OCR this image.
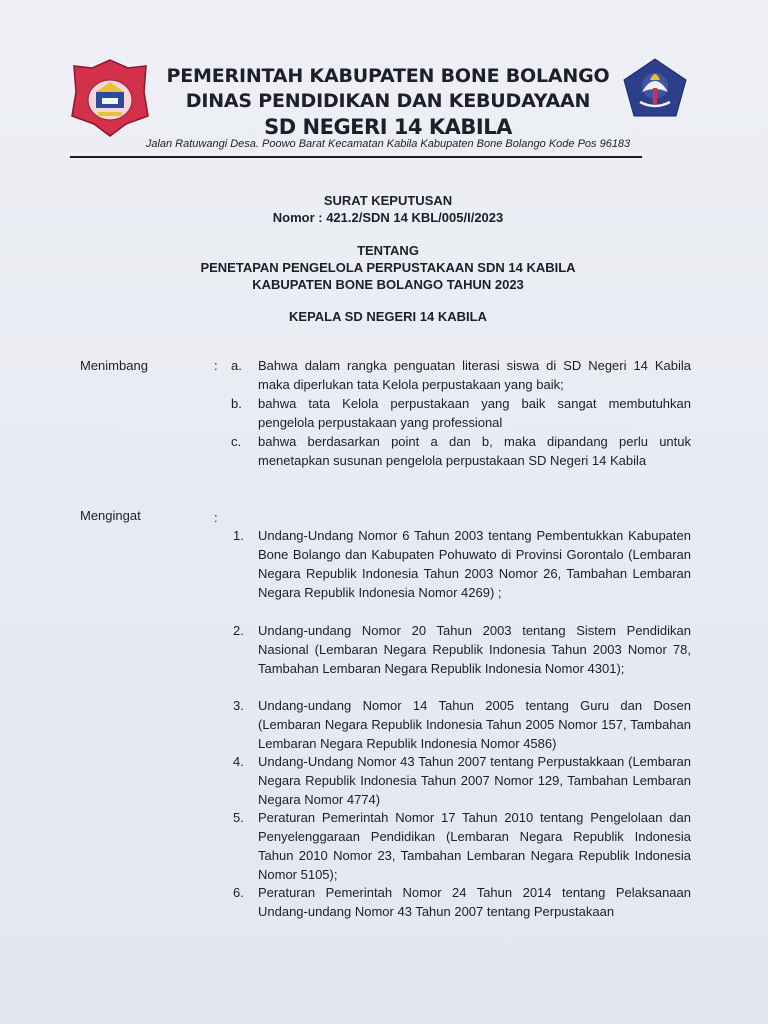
PEMERINTAH KABUPATEN BONE BOLANGO
DINAS PENDIDIKAN DAN KEBUDAYAAN
SD NEGERI 14 KABILA
Jalan Ratuwangi Desa. Poowo Barat Kecamatan Kabila Kabupaten Bone Bolango Kode Pos 96183
SURAT KEPUTUSAN
Nomor : 421.2/SDN 14 KBL/005/I/2023
TENTANG
PENETAPAN PENGELOLA PERPUSTAKAAN SDN 14 KABILA
KABUPATEN BONE BOLANGO TAHUN 2023
KEPALA SD NEGERI 14 KABILA
Menimbang	: a.	Bahwa dalam rangka penguatan literasi siswa di SD Negeri 14 Kabila maka diperlukan tata Kelola perpustakaan yang baik;
b.	bahwa tata Kelola perpustakaan yang baik sangat membutuhkan pengelola perpustakaan yang professional
c.	bahwa berdasarkan point a dan b, maka dipandang perlu untuk menetapkan susunan pengelola perpustakaan SD Negeri 14 Kabila
Mengingat	:
1.	Undang-Undang Nomor 6 Tahun 2003 tentang Pembentukkan Kabupaten Bone Bolango dan Kabupaten Pohuwato di Provinsi Gorontalo (Lembaran Negara Republik Indonesia Tahun 2003 Nomor 26, Tambahan Lembaran Negara Republik Indonesia Nomor 4269) ;
2.	Undang-undang Nomor 20 Tahun 2003 tentang Sistem Pendidikan Nasional (Lembaran Negara Republik Indonesia Tahun 2003 Nomor 78, Tambahan Lembaran Negara Republik Indonesia Nomor 4301);
3.	Undang-undang Nomor 14 Tahun 2005 tentang Guru dan Dosen (Lembaran Negara Republik Indonesia Tahun 2005 Nomor 157, Tambahan Lembaran Negara Republik Indonesia Nomor 4586)
4.	Undang-Undang Nomor 43 Tahun 2007 tentang Perpustakkaan (Lembaran Negara Republik Indonesia Tahun 2007 Nomor 129, Tambahan Lembaran Negara Nomor 4774)
5.	Peraturan Pemerintah Nomor 17 Tahun 2010 tentang Pengelolaan dan Penyelenggaraan Pendidikan (Lembaran Negara Republik Indonesia Tahun 2010 Nomor 23, Tambahan Lembaran Negara Republik Indonesia Nomor 5105);
6.	Peraturan Pemerintah Nomor 24 Tahun 2014 tentang Pelaksanaan Undang-undang Nomor 43 Tahun 2007 tentang Perpustakaan
